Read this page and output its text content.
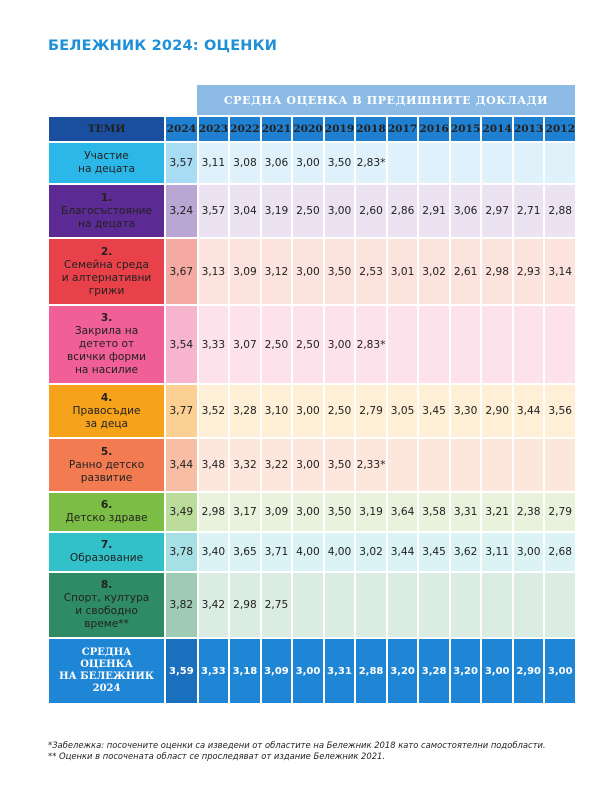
БЕЛЕЖНИК 2024: ОЦЕНКИ
СРЕДНА ОЦЕНКА В ПРЕДИШНИТЕ ДОКЛАДИ
ТЕМИ	2024	2023	2022	2021	2020	2019	2018	2017	2016	2015	2014	2013	2012

Участие
на децата	3,57	3,11	3,08	3,06	3,00	3,50	2,83*						

1.
Благосъстояние
на децата	3,24	3,57	3,04	3,19	2,50	3,00	2,60	2,86	2,91	3,06	2,97	2,71	2,88

2.
Семейна среда
и алтернативни
грижи	3,67	3,13	3,09	3,12	3,00	3,50	2,53	3,01	3,02	2,61	2,98	2,93	3,14

3.
Закрила на
детето от
всички форми
на насилие	3,54	3,33	3,07	2,50	2,50	3,00	2,83*						

4.
Правосъдие
за деца	3,77	3,52	3,28	3,10	3,00	2,50	2,79	3,05	3,45	3,30	2,90	3,44	3,56

5.
Ранно детско
развитие	3,44	3,48	3,32	3,22	3,00	3,50	2,33*						

6.
Детско здраве	3,49	2,98	3,17	3,09	3,00	3,50	3,19	3,64	3,58	3,31	3,21	2,38	2,79

7.
Образование	3,78	3,40	3,65	3,71	4,00	4,00	3,02	3,44	3,45	3,62	3,11	3,00	2,68

8.
Спорт, култура
и свободно
време**	3,82	3,42	2,98	2,75									
СРЕДНА
ОЦЕНКА
НА БЕЛЕЖНИК
2024	3,59	3,33	3,18	3,09	3,00	3,31	2,88	3,20	3,28	3,20	3,00	2,90	3,00
*Забележка: посочените оценки са изведени от областите на Бележник 2018 като самостоятелни подобласти.
** Оценки в посочената област се проследяват от издание Бележник 2021.
